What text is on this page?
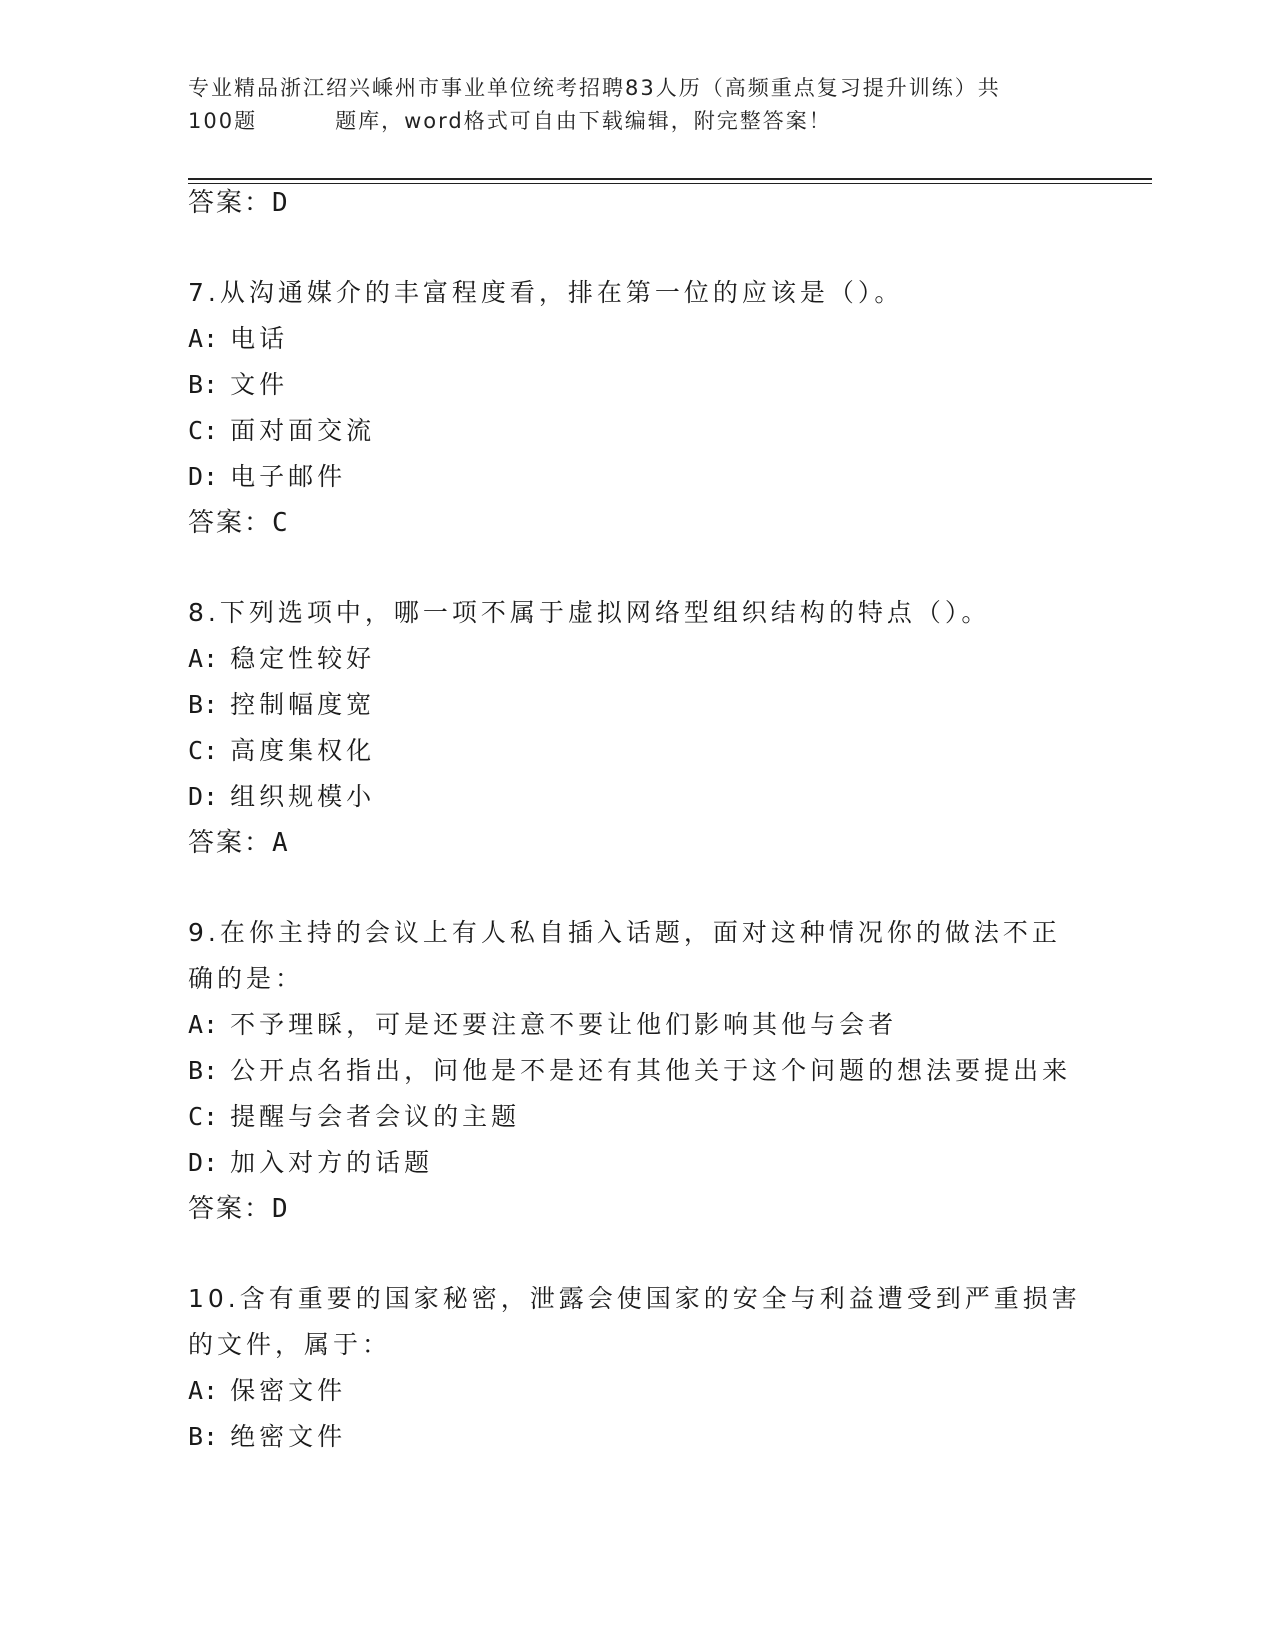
专业精品浙江绍兴嵊州市事业单位统考招聘83人历（高频重点复习提升训练）共
100题	题库，word格式可自由下载编辑，附完整答案！
答案：D
7.从沟通媒介的丰富程度看，排在第一位的应该是（）。
A: 电话
B: 文件
C: 面对面交流
D: 电子邮件
答案：C
8.下列选项中，哪一项不属于虚拟网络型组织结构的特点（）。
A: 稳定性较好
B: 控制幅度宽
C: 高度集权化
D: 组织规模小
答案：A
9.在你主持的会议上有人私自插入话题，面对这种情况你的做法不正
确的是：
A: 不予理睬，可是还要注意不要让他们影响其他与会者
B: 公开点名指出，问他是不是还有其他关于这个问题的想法要提出来
C: 提醒与会者会议的主题
D: 加入对方的话题
答案：D
10.含有重要的国家秘密，泄露会使国家的安全与利益遭受到严重损害
的文件，属于：
A: 保密文件
B: 绝密文件
